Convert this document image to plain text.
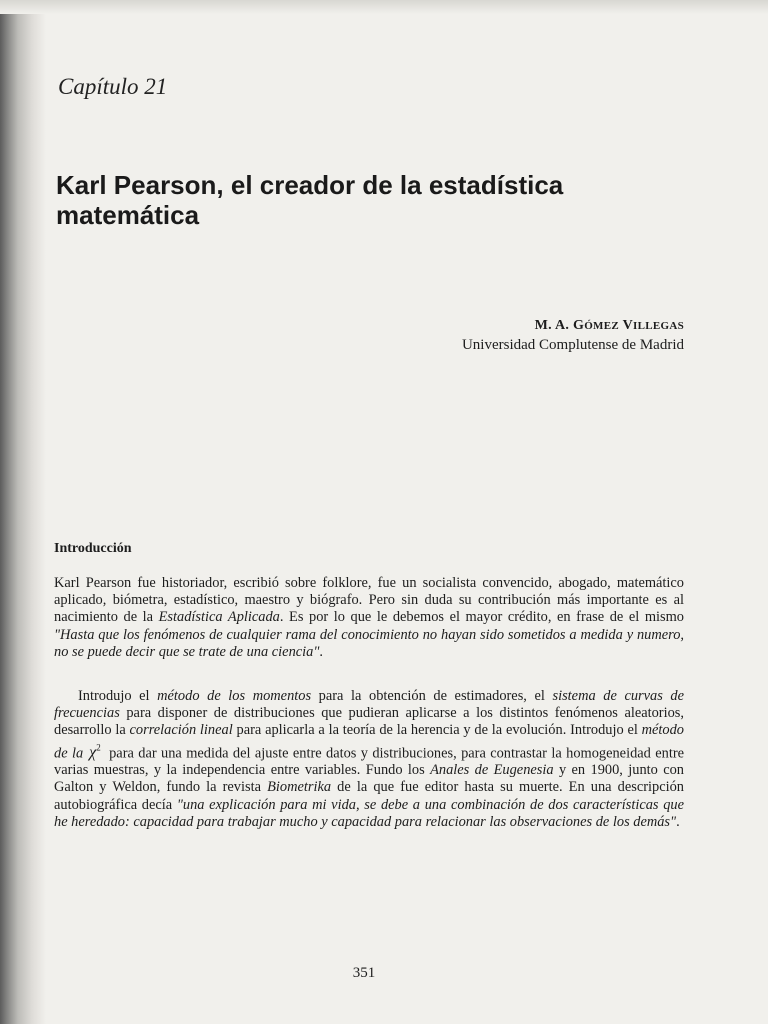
Capítulo 21
Karl Pearson, el creador de la estadística matemática
M. A. GÓMEZ VILLEGAS
Universidad Complutense de Madrid
Introducción
Karl Pearson fue historiador, escribió sobre folklore, fue un socialista convencido, abogado, matemático aplicado, biómetra, estadístico, maestro y biógrafo. Pero sin duda su contribución más importante es al nacimiento de la Estadística Aplicada. Es por lo que le debemos el mayor crédito, en frase de el mismo "Hasta que los fenómenos de cualquier rama del conocimiento no hayan sido sometidos a medida y numero, no se puede decir que se trate de una ciencia".
Introdujo el método de los momentos para la obtención de estimadores, el sistema de curvas de frecuencias para disponer de distribuciones que pudieran aplicarse a los distintos fenómenos aleatorios, desarrollo la correlación lineal para aplicarla a la teoría de la herencia y de la evolución. Introdujo el método de la $\chi^2$ para dar una medida del ajuste entre datos y distribuciones, para contrastar la homogeneidad entre varias muestras, y la independencia entre variables. Fundo los Anales de Eugenesia y en 1900, junto con Galton y Weldon, fundo la revista Biometrika de la que fue editor hasta su muerte. En una descripción autobiográfica decía "una explicación para mi vida, se debe a una combinación de dos características que he heredado: capacidad para trabajar mucho y capacidad para relacionar las observaciones de los demás".
351
